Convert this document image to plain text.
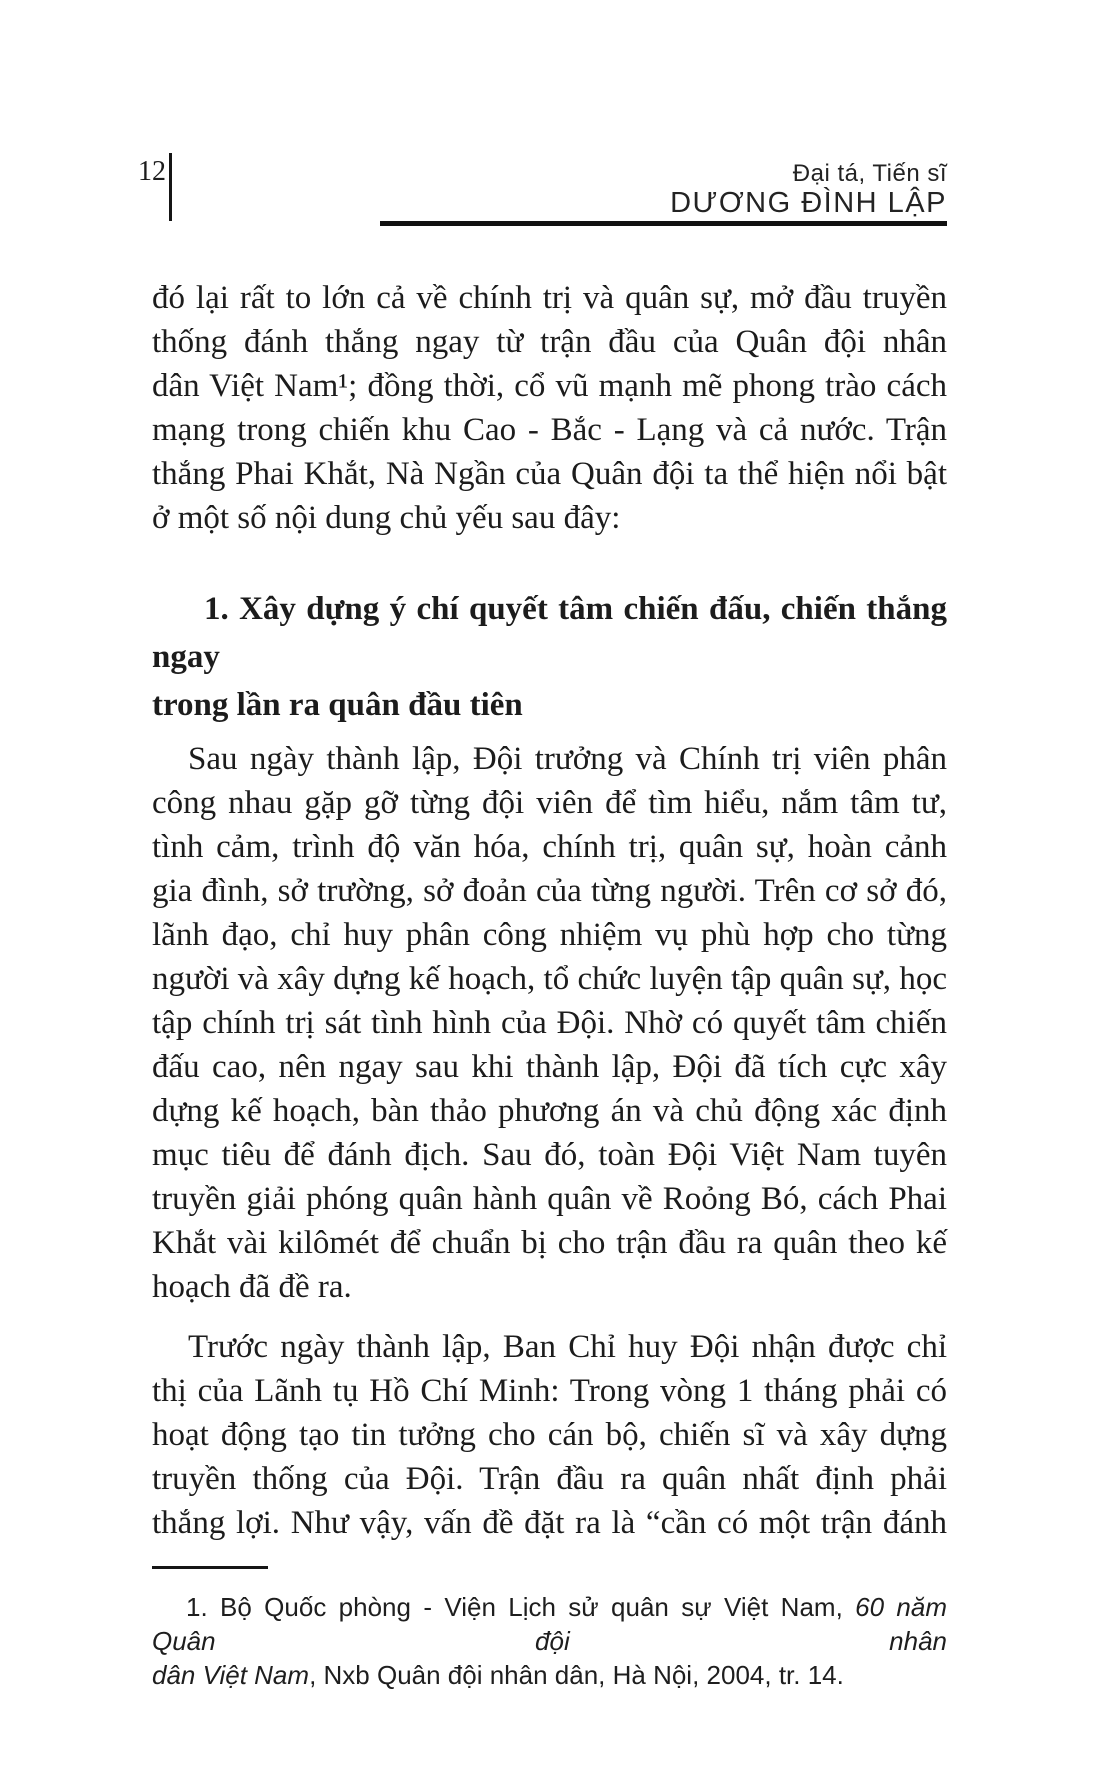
12	Đại tá, Tiến sĩ
DƯƠNG ĐÌNH LẬP
đó lại rất to lớn cả về chính trị và quân sự, mở đầu truyền
thống đánh thắng ngay từ trận đầu của Quân đội nhân
dân Việt Nam¹; đồng thời, cổ vũ mạnh mẽ phong trào cách
mạng trong chiến khu Cao - Bắc - Lạng và cả nước. Trận
thắng Phai Khắt, Nà Ngần của Quân đội ta thể hiện nổi bật
ở một số nội dung chủ yếu sau đây:
1. Xây dựng ý chí quyết tâm chiến đấu, chiến thắng ngay
trong lần ra quân đầu tiên
Sau ngày thành lập, Đội trưởng và Chính trị viên phân
công nhau gặp gỡ từng đội viên để tìm hiểu, nắm tâm tư,
tình cảm, trình độ văn hóa, chính trị, quân sự, hoàn cảnh
gia đình, sở trường, sở đoản của từng người. Trên cơ sở đó,
lãnh đạo, chỉ huy phân công nhiệm vụ phù hợp cho từng
người và xây dựng kế hoạch, tổ chức luyện tập quân sự, học
tập chính trị sát tình hình của Đội. Nhờ có quyết tâm chiến
đấu cao, nên ngay sau khi thành lập, Đội đã tích cực xây
dựng kế hoạch, bàn thảo phương án và chủ động xác định
mục tiêu để đánh địch. Sau đó, toàn Đội Việt Nam tuyên
truyền giải phóng quân hành quân về Roỏng Bó, cách Phai
Khắt vài kilômét để chuẩn bị cho trận đầu ra quân theo kế
hoạch đã đề ra.
Trước ngày thành lập, Ban Chỉ huy Đội nhận được chỉ
thị của Lãnh tụ Hồ Chí Minh: Trong vòng 1 tháng phải có
hoạt động tạo tin tưởng cho cán bộ, chiến sĩ và xây dựng
truyền thống của Đội. Trận đầu ra quân nhất định phải
thắng lợi. Như vậy, vấn đề đặt ra là “cần có một trận đánh
1. Bộ Quốc phòng - Viện Lịch sử quân sự Việt Nam, 60 năm Quân đội nhân
dân Việt Nam, Nxb Quân đội nhân dân, Hà Nội, 2004, tr. 14.
